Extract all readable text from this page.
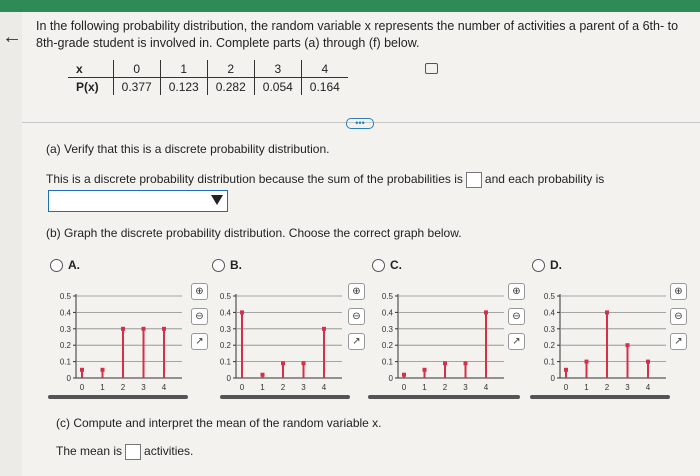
← In the following probability distribution, the random variable x represents the number of activities a parent of a 6th- to 8th-grade student is involved in. Complete parts (a) through (f) below.
x	0	1	2	3	4
P(x)	0.377	0.123	0.282	0.054	0.164
•••
(a) Verify that this is a discrete probability distribution.
This is a discrete probability distribution because the sum of the probabilities is and each probability is
(b) Graph the discrete probability distribution. Choose the correct graph below.
A.	B.	C.	D.
0.5
0.4
0.3
0.2
0.1
0
0 1 2 3 4
0.5
0.4
0.3
0.2
0.1
0
0 1 2 3 4
0.5
0.4
0.3
0.2
0.1
0
0 1 2 3 4
0.5
0.4
0.3
0.2
0.1
0
0 1 2 3 4
⊕
⊖
↗
⊕
⊖
↗
⊕
⊖
↗
⊕
⊖
↗
(c) Compute and interpret the mean of the random variable x.
The mean is activities.
